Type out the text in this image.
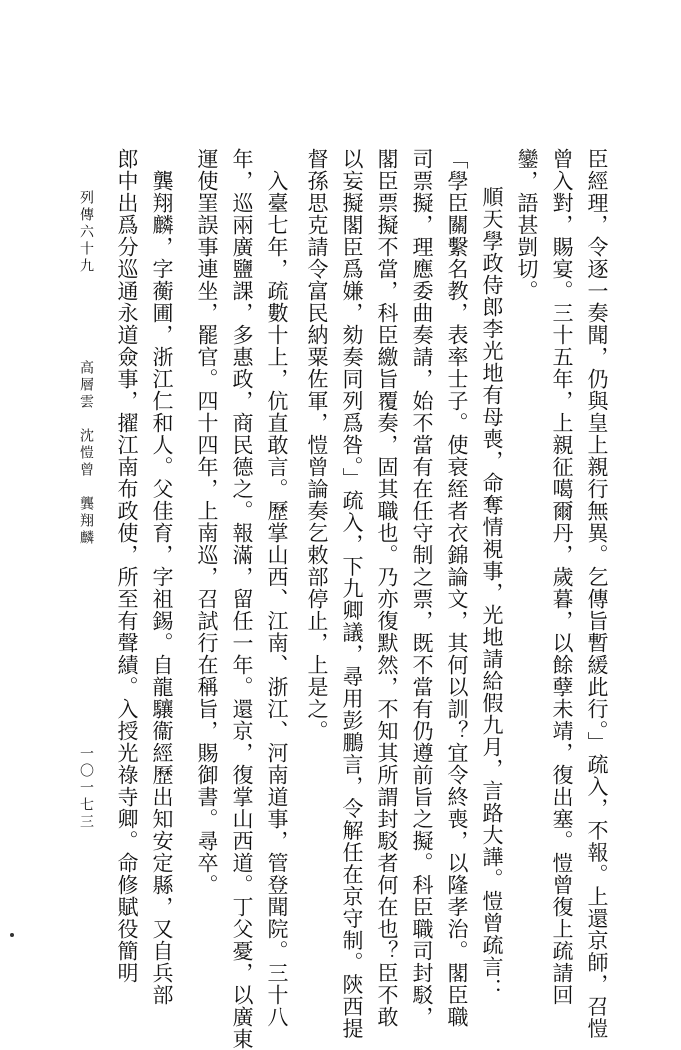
臣經理，令逐一奏聞，仍與皇上親行無異。乞傳旨暫緩此行。」疏入，不報。上還京師，召愷
曾入對，賜宴。三十五年，上親征噶爾丹，歲暮，以餘孽未靖，復出塞。愷曾復上疏請回
鑾，語甚剴切。
順天學政侍郎李光地有母喪，命奪情視事，光地請給假九月，言路大譁。愷曾疏言：
「學臣關繫名教，表率士子。使衰絰者衣錦論文，其何以訓？宜令終喪，以隆孝治。閣臣職
司票擬，理應委曲奏請，始不當有在任守制之票，既不當有仍遵前旨之擬。科臣職司封駁，
閣臣票擬不當，科臣繳旨覆奏，固其職也。乃亦復默然，不知其所謂封駁者何在也？臣不敢
以妄擬閣臣爲嫌，劾奏同列爲咎。」疏入，下九卿議，尋用彭鵬言，令解任在京守制。陝西提
督孫思克請令富民納粟佐軍，愷曾論奏乞敕部停止，上是之。
入臺七年，疏數十上，伉直敢言。歷掌山西、江南、浙江、河南道事，管登聞院。三十八
年，巡兩廣鹽課，多惠政，商民德之。報滿，留任一年。還京，復掌山西道。丁父憂，以廣東
運使罣誤事連坐，罷官。四十四年，上南巡，召試行在稱旨，賜御書。尋卒。
龔翔麟，字蘅圃，浙江仁和人。父佳育，字祖錫。自龍驤衞經歷出知安定縣，又自兵部
郎中出爲分巡通永道僉事，擢江南布政使，所至有聲績。入授光祿寺卿。命修賦役簡明
列傳六十九
高層雲　沈愷曾　龔翔麟
一〇一七三
